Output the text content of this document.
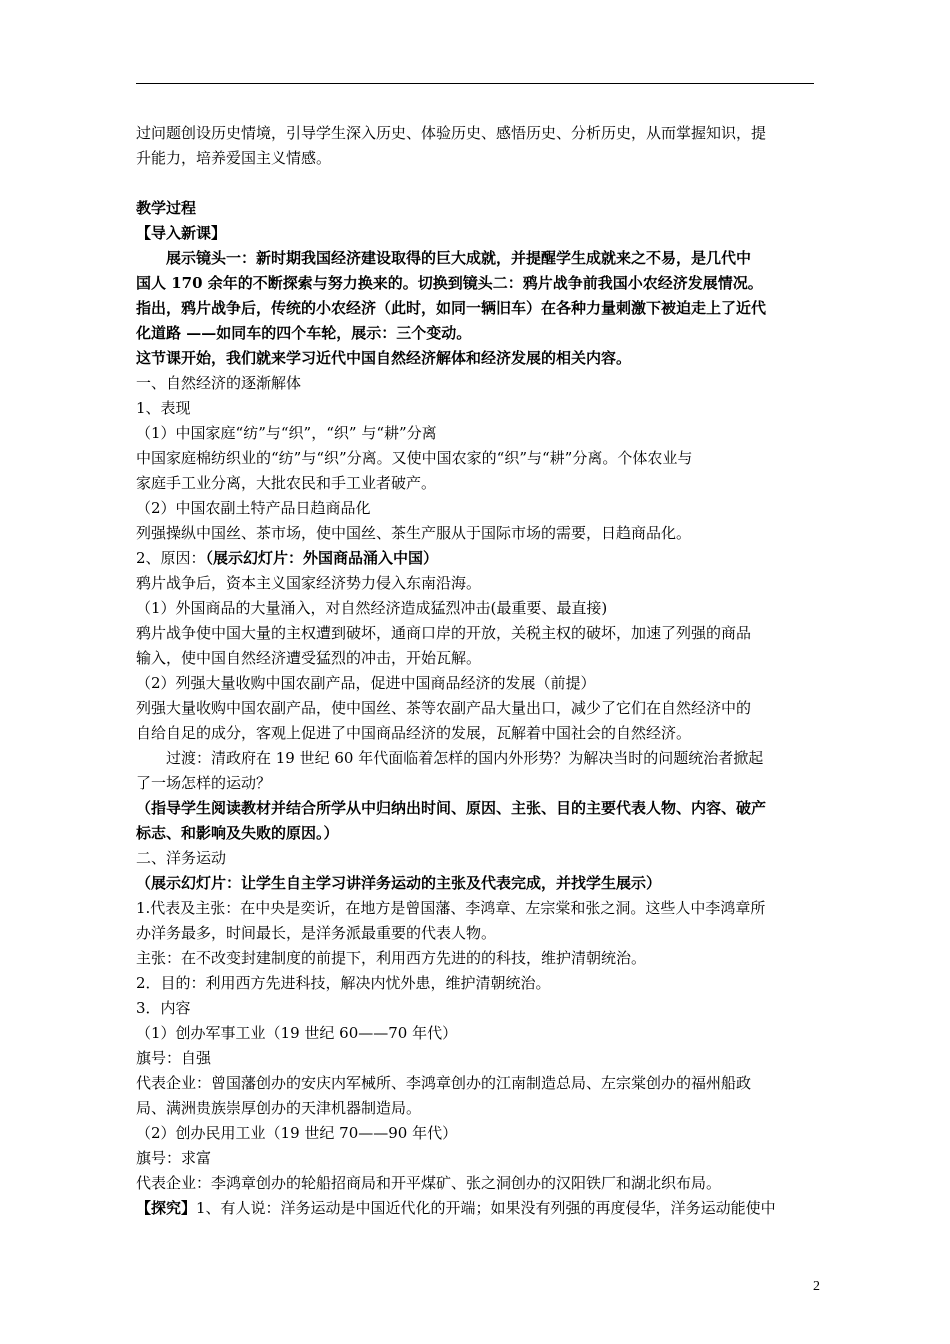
过问题创设历史情境，引导学生深入历史、体验历史、感悟历史、分析历史，从而掌握知识，提

升能力，培养爱国主义情感。

教学过程

【导入新课】

展示镜头一：新时期我国经济建设取得的巨大成就，并提醒学生成就来之不易，是几代中

国人 170 余年的不断探索与努力换来的。切换到镜头二：鸦片战争前我国小农经济发展情况。

指出，鸦片战争后，传统的小农经济（此时，如同一辆旧车）在各种力量刺激下被迫走上了近代

化道路 ——如同车的四个车轮，展示：三个变动。

这节课开始，我们就来学习近代中国自然经济解体和经济发展的相关内容。

一、自然经济的逐渐解体

1、表现

（1）中国家庭“纺”与“织”，“织” 与“耕”分离

中国家庭棉纺织业的“纺”与“织”分离。又使中国农家的“织”与“耕”分离。个体农业与

家庭手工业分离，大批农民和手工业者破产。

（2）中国农副土特产品日趋商品化

列强操纵中国丝、茶市场，使中国丝、茶生产服从于国际市场的需要，日趋商品化。

2、原因：（展示幻灯片：外国商品涌入中国）

鸦片战争后，资本主义国家经济势力侵入东南沿海。

（1）外国商品的大量涌入，对自然经济造成猛烈冲击(最重要、最直接)

鸦片战争使中国大量的主权遭到破坏，通商口岸的开放，关税主权的破坏，加速了列强的商品

输入，使中国自然经济遭受猛烈的冲击，开始瓦解。

（2）列强大量收购中国农副产品，促进中国商品经济的发展（前提）

列强大量收购中国农副产品，使中国丝、茶等农副产品大量出口，减少了它们在自然经济中的

自给自足的成分，客观上促进了中国商品经济的发展，瓦解着中国社会的自然经济。

过渡：清政府在 19 世纪 60 年代面临着怎样的国内外形势？为解决当时的问题统治者掀起

了一场怎样的运动？

（指导学生阅读教材并结合所学从中归纳出时间、原因、主张、目的主要代表人物、内容、破产

标志、和影响及失败的原因。）

二、洋务运动

（展示幻灯片：让学生自主学习讲洋务运动的主张及代表完成，并找学生展示）

1.代表及主张：在中央是奕䜣，在地方是曾国藩、李鸿章、左宗棠和张之洞。这些人中李鸿章所

办洋务最多，时间最长，是洋务派最重要的代表人物。

主张：在不改变封建制度的前提下，利用西方先进的的科技，维护清朝统治。

2．目的：利用西方先进科技，解决内忧外患，维护清朝统治。

3．内容

（1）创办军事工业（19 世纪 60——70 年代）

旗号：自强

代表企业：曾国藩创办的安庆内军械所、李鸿章创办的江南制造总局、左宗棠创办的福州船政

局、满洲贵族崇厚创办的天津机器制造局。

（2）创办民用工业（19 世纪 70——90 年代）

旗号：求富

代表企业：李鸿章创办的轮船招商局和开平煤矿、张之洞创办的汉阳铁厂和湖北织布局。

【探究】1、有人说：洋务运动是中国近代化的开端；如果没有列强的再度侵华，洋务运动能使中

2
